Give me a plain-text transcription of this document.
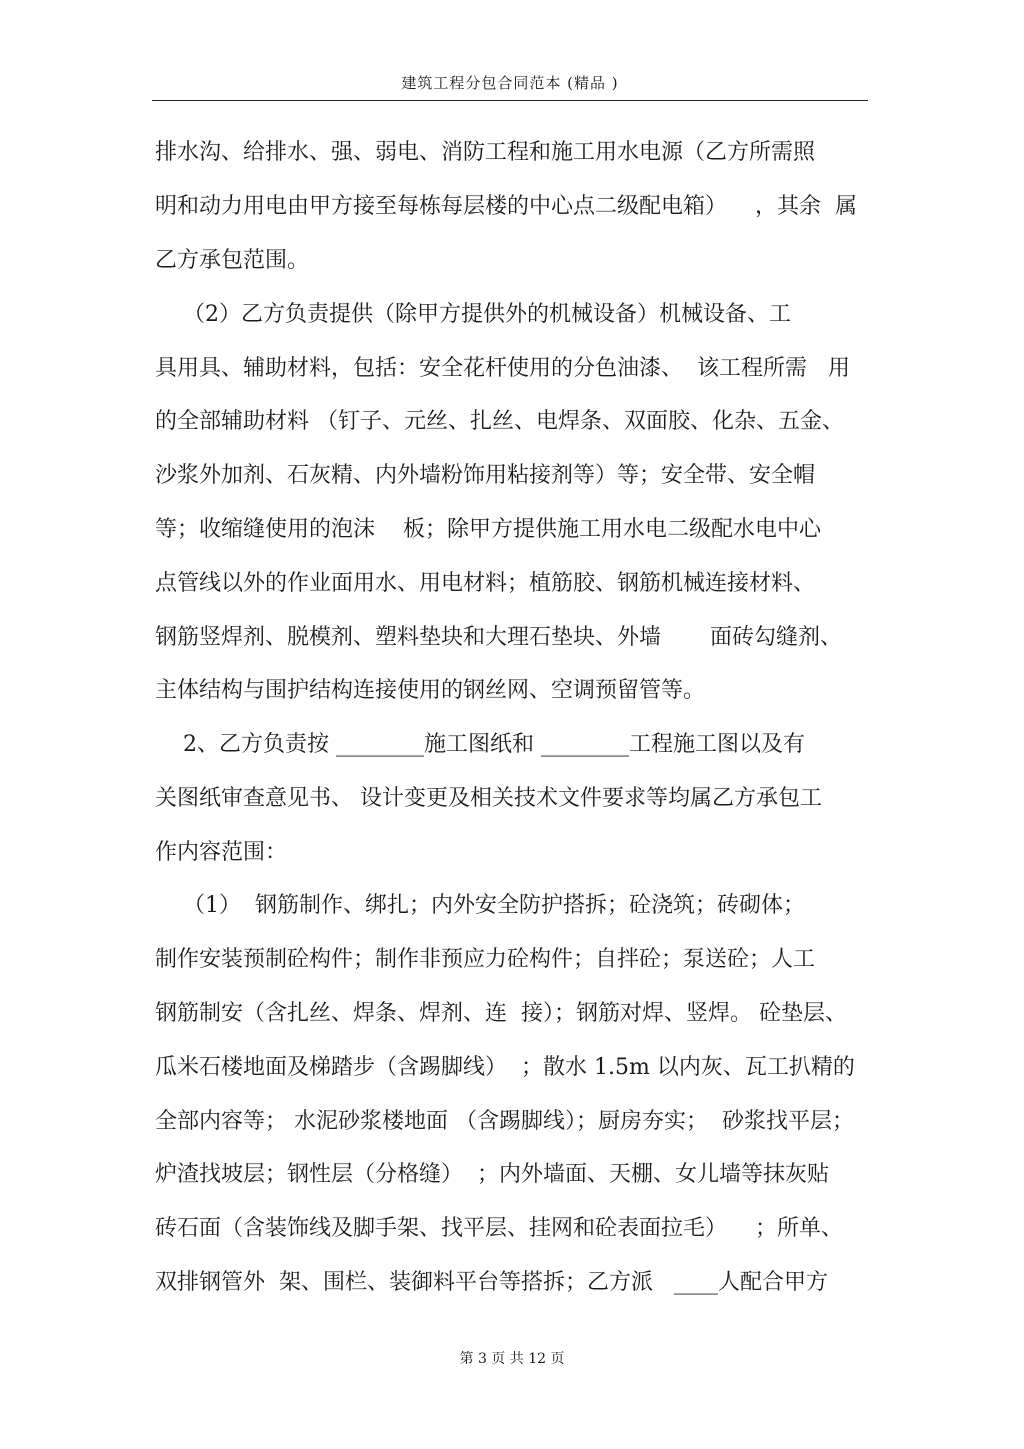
建筑工程分包合同范本 (精品 )
排水沟、给排水、强、弱电、消防工程和施工用水电源（乙方所需照
明和动力用电由甲方接至每栋每层楼的中心点二级配电箱）    ，其余  属
乙方承包范围。
（2）乙方负责提供（除甲方提供外的机械设备）机械设备、工
具用具、辅助材料，包括：安全花杆使用的分色油漆、  该工程所需   用
的全部辅助材料 （钉子、元丝、扎丝、电焊条、双面胶、化杂、五金、
沙浆外加剂、石灰精、内外墙粉饰用粘接剂等）等；安全带、安全帽
等；收缩缝使用的泡沫    板；除甲方提供施工用水电二级配水电中心
点管线以外的作业面用水、用电材料；植筋胶、钢筋机械连接材料、
钢筋竖焊剂、脱模剂、塑料垫块和大理石垫块、外墙       面砖勾缝剂、
主体结构与围护结构连接使用的钢丝网、空调预留管等。
2、乙方负责按 ________施工图纸和 ________工程施工图以及有
关图纸审查意见书、 设计变更及相关技术文件要求等均属乙方承包工
作内容范围：
（1）  钢筋制作、绑扎；内外安全防护搭拆；砼浇筑；砖砌体；
制作安装预制砼构件；制作非预应力砼构件；自拌砼；泵送砼；人工
钢筋制安（含扎丝、焊条、焊剂、连  接）；钢筋对焊、竖焊。 砼垫层、
瓜米石楼地面及梯踏步（含踢脚线）  ；散水 1.5m 以内灰、瓦工扒精的
全部内容等； 水泥砂浆楼地面 （含踢脚线）；厨房夯实；  砂浆找平层；
炉渣找坡层；钢性层（分格缝）  ；内外墙面、天棚、女儿墙等抹灰贴
砖石面（含装饰线及脚手架、找平层、挂网和砼表面拉毛）    ；所单、
双排钢管外  架、围栏、装御料平台等搭拆；乙方派   ____人配合甲方
第 3 页 共 12 页
